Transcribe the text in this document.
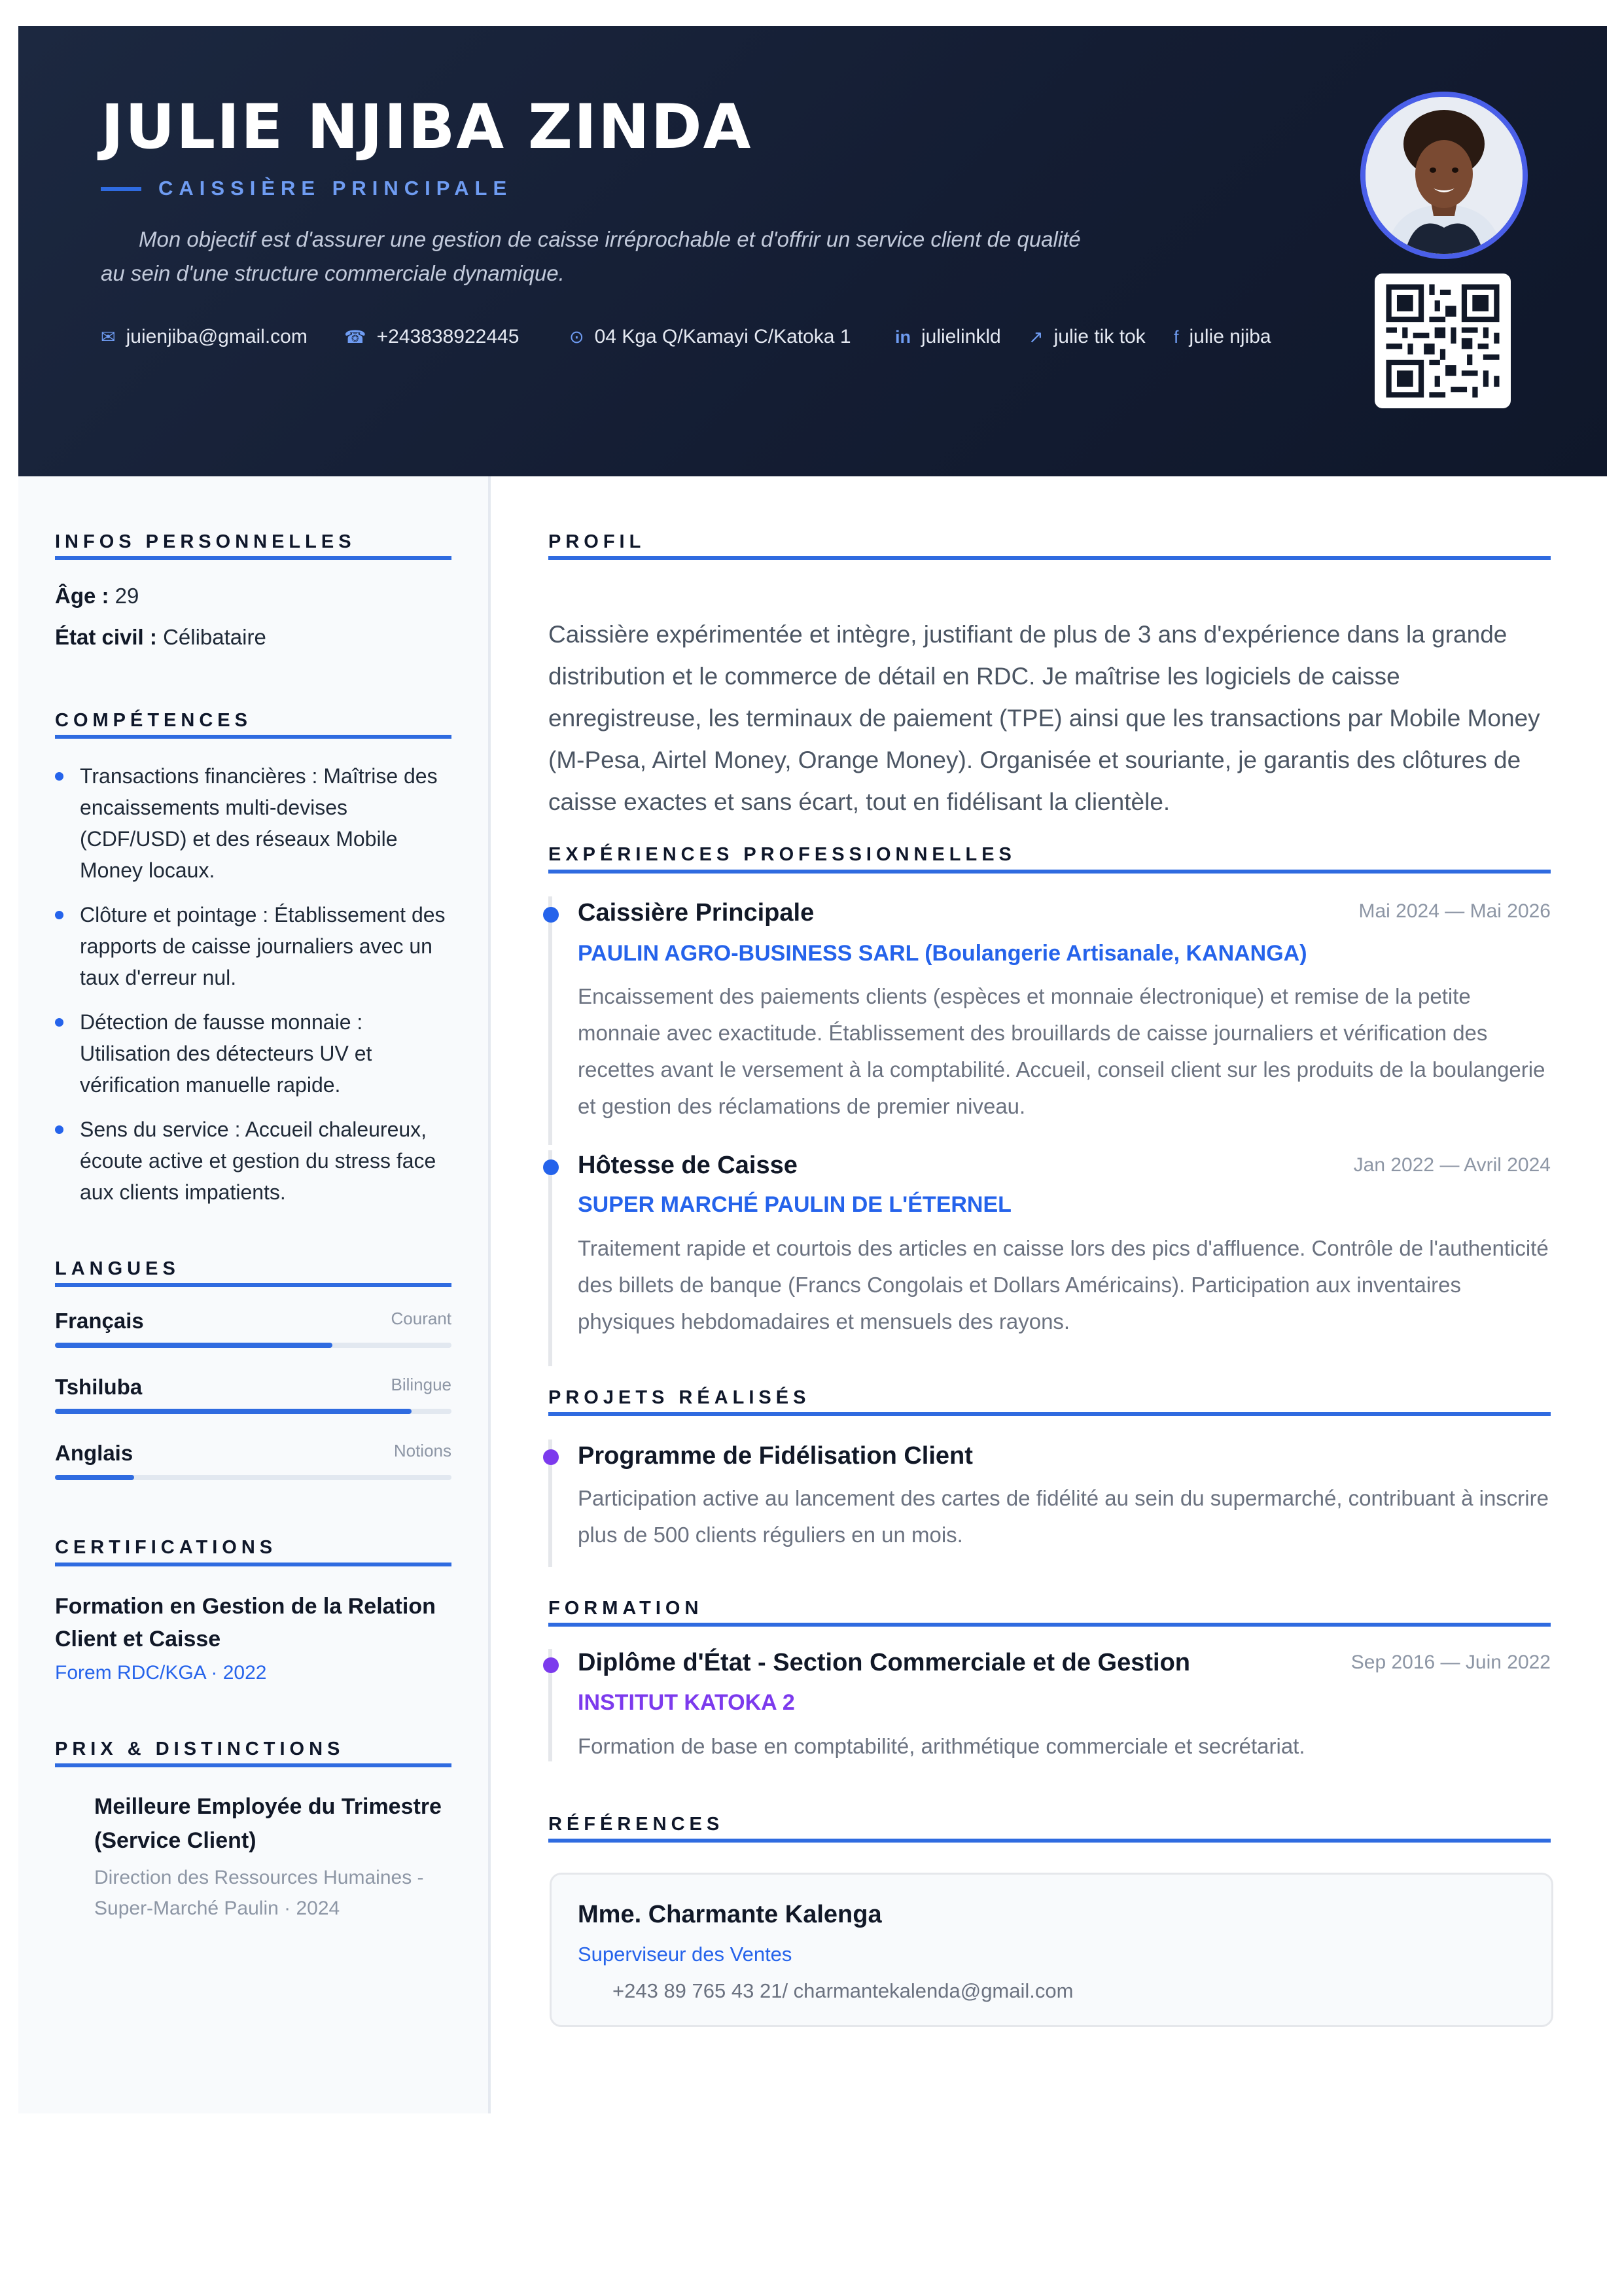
JULIE NJIBA ZINDA
CAISSIÈRE PRINCIPALE

Mon objectif est d'assurer une gestion de caisse irréprochable et d'offrir un service client de qualité au sein d'une structure commerciale dynamique.

✉ juienjiba@gmail.com ☎ +243838922445	⊙ 04 Kga Q/Kamayi C/Katoka 1	in julielinkld ↗ julie tik tok f julie njiba
INFOS PERSONNELLES
Âge : 29
État civil : Célibataire
COMPÉTENCES
Transactions financières : Maîtrise des encaissements multi-devises (CDF/USD) et des réseaux Mobile Money locaux.
Clôture et pointage : Établissement des rapports de caisse journaliers avec un taux d'erreur nul.
Détection de fausse monnaie : Utilisation des détecteurs UV et vérification manuelle rapide.
Sens du service : Accueil chaleureux, écoute active et gestion du stress face aux clients impatients.
LANGUES
Français	Courant
Tshiluba	Bilingue
Anglais	Notions
CERTIFICATIONS
Formation en Gestion de la Relation Client et Caisse
Forem RDC/KGA · 2022
PRIX & DISTINCTIONS
Meilleure Employée du Trimestre (Service Client)
Direction des Ressources Humaines - Super-Marché Paulin · 2024
PROFIL

Caissière expérimentée et intègre, justifiant de plus de 3 ans d'expérience dans la grande distribution et le commerce de détail en RDC. Je maîtrise les logiciels de caisse enregistreuse, les terminaux de paiement (TPE) ainsi que les transactions par Mobile Money (M-Pesa, Airtel Money, Orange Money). Organisée et souriante, je garantis des clôtures de caisse exactes et sans écart, tout en fidélisant la clientèle.

EXPÉRIENCES PROFESSIONNELLES
Caissière Principale	Mai 2024 — Mai 2026
PAULIN AGRO-BUSINESS SARL (Boulangerie Artisanale, KANANGA)

Encaissement des paiements clients (espèces et monnaie électronique) et remise de la petite monnaie avec exactitude. Établissement des brouillards de caisse journaliers et vérification des recettes avant le versement à la comptabilité. Accueil, conseil client sur les produits de la boulangerie et gestion des réclamations de premier niveau.

Hôtesse de Caisse	Jan 2022 — Avril 2024
SUPER MARCHÉ PAULIN DE L'ÉTERNEL

Traitement rapide et courtois des articles en caisse lors des pics d'affluence. Contrôle de l'authenticité des billets de banque (Francs Congolais et Dollars Américains). Participation aux inventaires physiques hebdomadaires et mensuels des rayons.

PROJETS RÉALISÉS
Programme de Fidélisation Client

Participation active au lancement des cartes de fidélité au sein du supermarché, contribuant à inscrire plus de 500 clients réguliers en un mois.

FORMATION
Diplôme d'État - Section Commerciale et de Gestion	Sep 2016 — Juin 2022
INSTITUT KATOKA 2

Formation de base en comptabilité, arithmétique commerciale et secrétariat.

RÉFÉRENCES
Mme. Charmante Kalenga
Superviseur des Ventes
+243 89 765 43 21/ charmantekalenda@gmail.com
